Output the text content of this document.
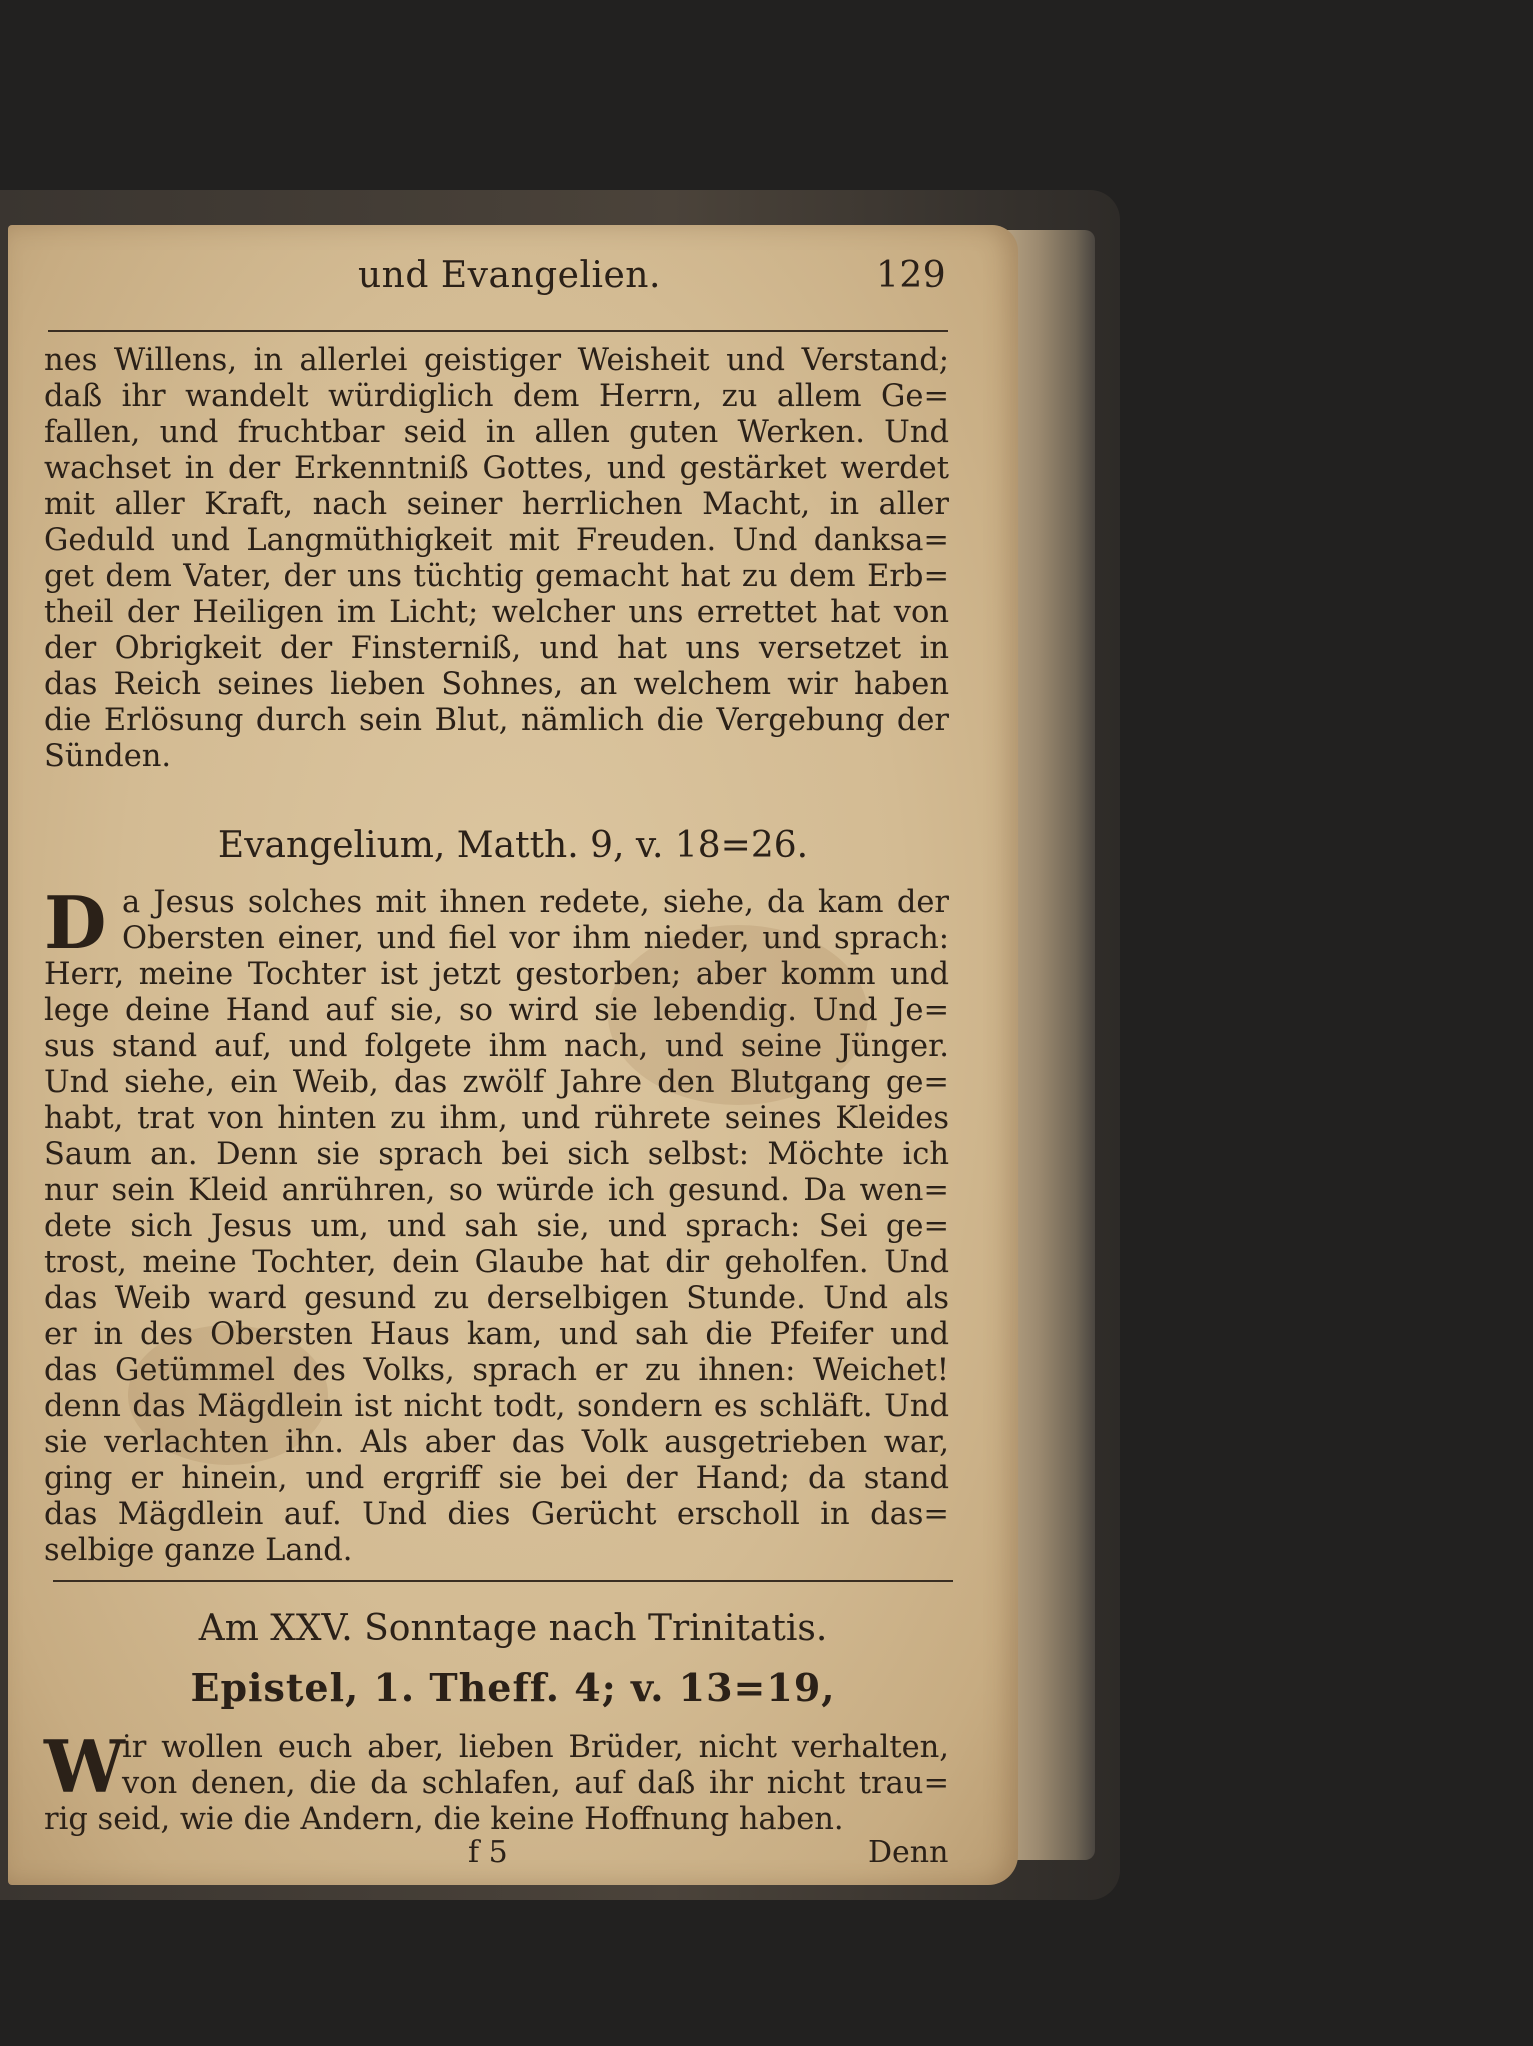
und Evangelien.	129
nes Willens, in allerlei geistiger Weisheit und Verstand;
daß ihr wandelt würdiglich dem Herrn, zu allem Ge=
fallen, und fruchtbar seid in allen guten Werken. Und
wachset in der Erkenntniß Gottes, und gestärket werdet
mit aller Kraft, nach seiner herrlichen Macht, in aller
Geduld und Langmüthigkeit mit Freuden. Und danksa=
get dem Vater, der uns tüchtig gemacht hat zu dem Erb=
theil der Heiligen im Licht; welcher uns errettet hat von
der Obrigkeit der Finsterniß, und hat uns versetzet in
das Reich seines lieben Sohnes, an welchem wir haben
die Erlösung durch sein Blut, nämlich die Vergebung der
Sünden.
Evangelium, Matth. 9, v. 18=26.
D a Jesus solches mit ihnen redete, siehe, da kam der
Obersten einer, und fiel vor ihm nieder, und sprach:
Herr, meine Tochter ist jetzt gestorben; aber komm und
lege deine Hand auf sie, so wird sie lebendig. Und Je=
sus stand auf, und folgete ihm nach, und seine Jünger.
Und siehe, ein Weib, das zwölf Jahre den Blutgang ge=
habt, trat von hinten zu ihm, und rührete seines Kleides
Saum an. Denn sie sprach bei sich selbst: Möchte ich
nur sein Kleid anrühren, so würde ich gesund. Da wen=
dete sich Jesus um, und sah sie, und sprach: Sei ge=
trost, meine Tochter, dein Glaube hat dir geholfen. Und
das Weib ward gesund zu derselbigen Stunde. Und als
er in des Obersten Haus kam, und sah die Pfeifer und
das Getümmel des Volks, sprach er zu ihnen: Weichet!
denn das Mägdlein ist nicht todt, sondern es schläft. Und
sie verlachten ihn. Als aber das Volk ausgetrieben war,
ging er hinein, und ergriff sie bei der Hand; da stand
das Mägdlein auf. Und dies Gerücht erscholl in das=
selbige ganze Land.
Am XXV. Sonntage nach Trinitatis.
Epistel, 1. Theff. 4; v. 13=19,
W
ir wollen euch aber, lieben Brüder, nicht verhalten,
von denen, die da schlafen, auf daß ihr nicht trau=
rig seid, wie die Andern, die keine Hoffnung haben.
f 5	Denn
